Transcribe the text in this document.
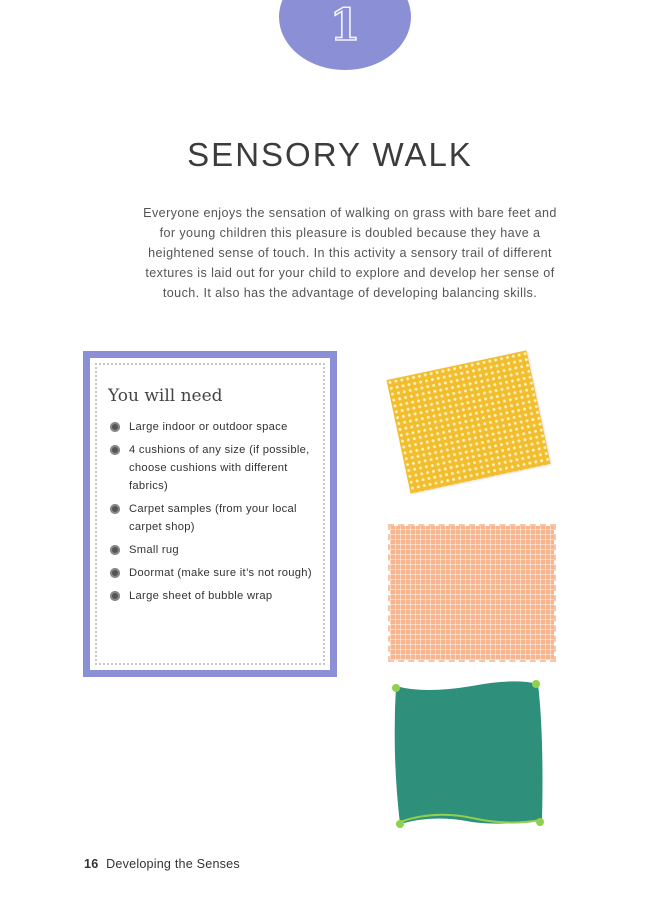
1
SENSORY WALK

Everyone enjoys the sensation of walking on grass with bare feet and for young children this pleasure is doubled because they have a heightened sense of touch. In this activity a sensory trail of different textures is laid out for your child to explore and develop her sense of touch. It also has the advantage of developing balancing skills.

You will need
Large indoor or outdoor space
4 cushions of any size (if possible, choose cushions with different fabrics)
Carpet samples (from your local carpet shop)
Small rug
Doormat (make sure it’s not rough)
Large sheet of bubble wrap
16 Developing the Senses
